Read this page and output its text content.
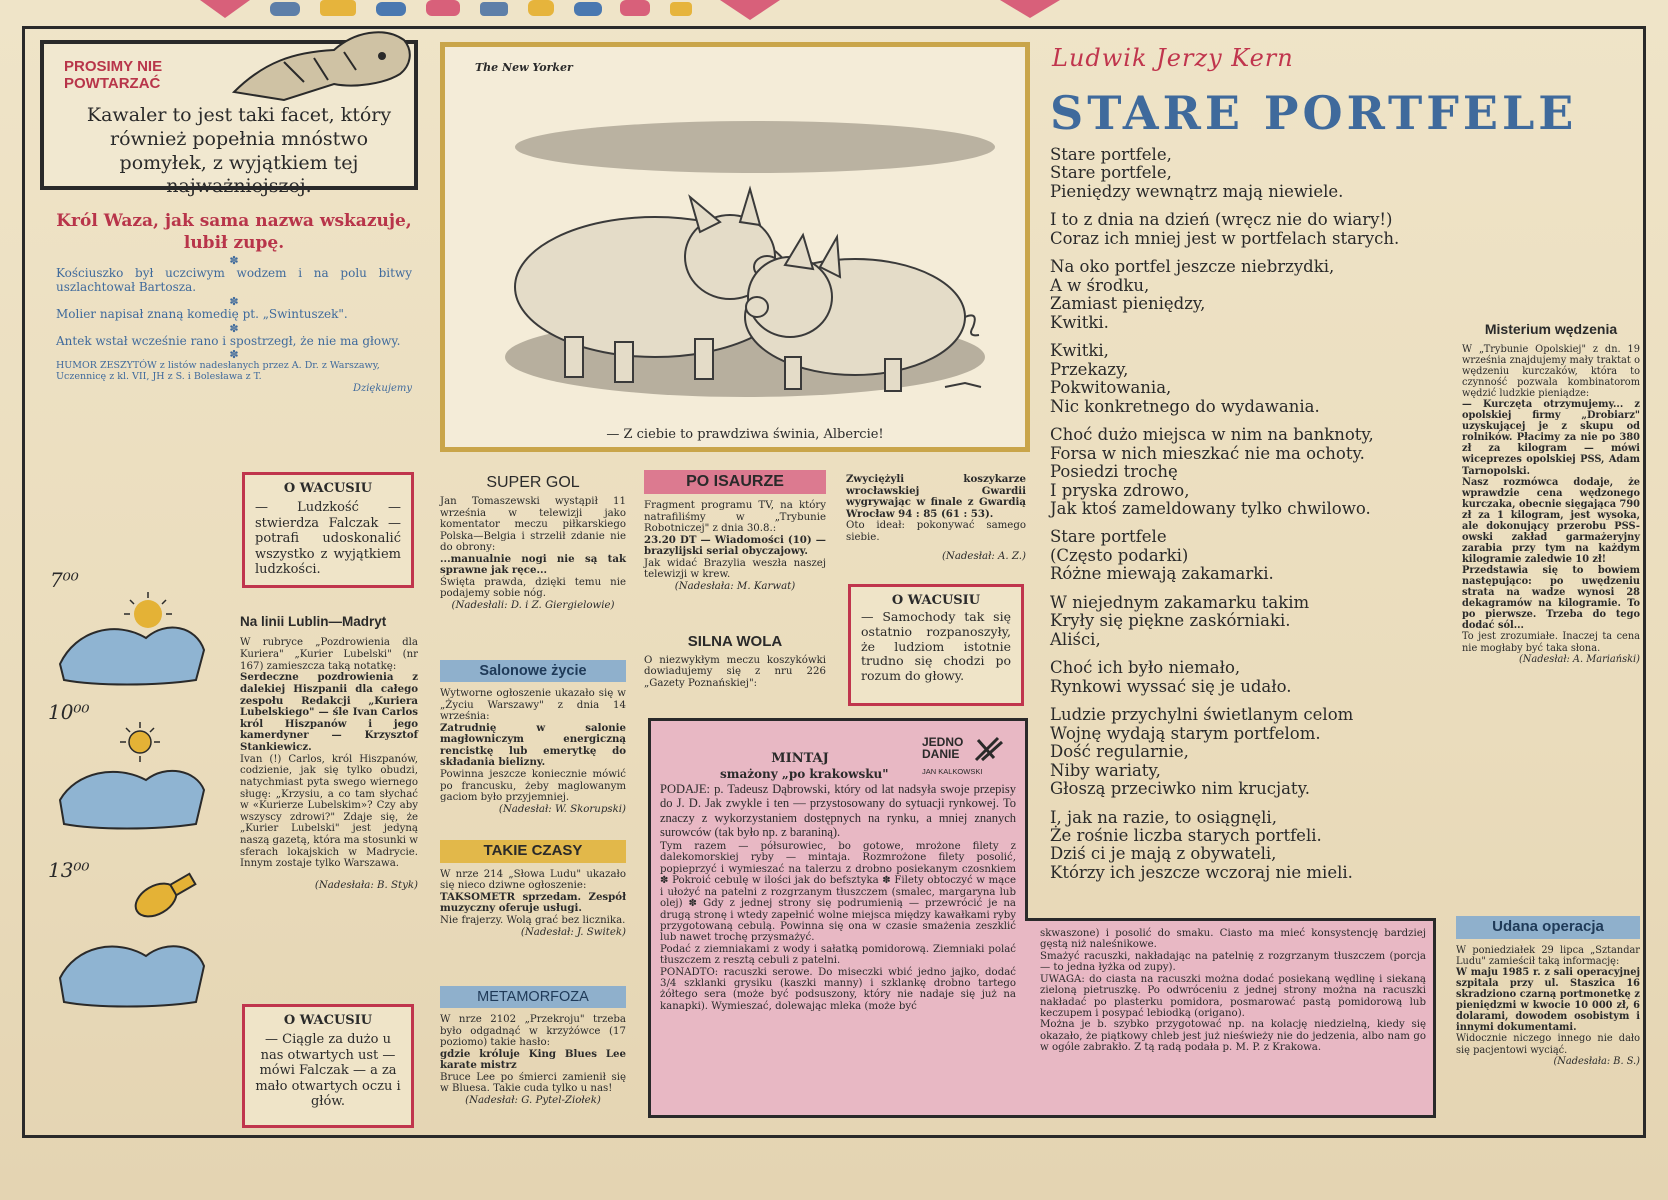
PROSIMY NIE POWTARZAĆ
Kawaler to jest taki facet, który również popełnia mnóstwo pomyłek, z wyjątkiem tej najważniejszej.
Król Waza, jak sama nazwa wskazuje, lubił zupę.
✽
Kościuszko był uczciwym wodzem i na polu bitwy uszlachtował Bartosza.
✽
Molier napisał znaną komedię pt. „Swintuszek".
✽
Antek wstał wcześnie rano i spostrzegł, że nie ma głowy.
✽
HUMOR ZESZYTÓW z listów nadesłanych przez A. Dr. z Warszawy, Uczennicę z kl. VII, JH z S. i Bolesława z T.
Dziękujemy
The New Yorker
— Z ciebie to prawdziwa świnia, Albercie!
Ludwik Jerzy Kern
STARE PORTFELE
Stare portfele,
Stare portfele,
Pieniędzy wewnątrz mają niewiele.
I to z dnia na dzień (wręcz nie do wiary!)
Coraz ich mniej jest w portfelach starych.
Na oko portfel jeszcze niebrzydki,
A w środku,
Zamiast pieniędzy,
Kwitki.
Kwitki,
Przekazy,
Pokwitowania,
Nic konkretnego do wydawania.
Choć dużo miejsca w nim na banknoty,
Forsa w nich mieszkać nie ma ochoty.
Posiedzi trochę
I pryska zdrowo,
Jak ktoś zameldowany tylko chwilowo.
Stare portfele
(Często podarki)
Różne miewają zakamarki.
W niejednym zakamarku takim
Kryły się piękne zaskórniaki.
Aliści,
Choć ich było niemało,
Rynkowi wyssać się je udało.
Ludzie przychylni świetlanym celom
Wojnę wydają starym portfelom.
Dość regularnie,
Niby wariaty,
Głoszą przeciwko nim krucjaty.
I, jak na razie, to osiągnęli,
Że rośnie liczba starych portfeli.
Dziś ci je mają z obywateli,
Którzy ich jeszcze wczoraj nie mieli.
Misterium wędzenia
W „Trybunie Opolskiej" z dn. 19 września znajdujemy mały traktat o wędzeniu kurczaków, która to czynność pozwala kombinatorom wędzić ludzkie pieniądze:
— Kurczęta otrzymujemy... z opolskiej firmy „Drobiarz" uzyskującej je z skupu od rolników. Płacimy za nie po 380 zł za kilogram — mówi wiceprezes opolskiej PSS, Adam Tarnopolski.
Nasz rozmówca dodaje, że wprawdzie cena wędzonego kurczaka, obecnie sięgająca 790 zł za 1 kilogram, jest wysoka, ale dokonujący przerobu PSS-owski zakład garmażeryjny zarabia przy tym na każdym kilogramie zaledwie 10 zł!
Przedstawia się to bowiem następująco: po uwędzeniu strata na wadze wynosi 28 dekagramów na kilogramie. To po pierwsze. Trzeba do tego dodać sól...
To jest zrozumiałe. Inaczej ta cena nie mogłaby być taka słona.
(Nadesłał: A. Mariański)
Udana operacja
W poniedziałek 29 lipca „Sztandar Ludu" zamieścił taką informację:
W maju 1985 r. z sali operacyjnej szpitala przy ul. Staszica 16 skradziono czarną portmonetkę z pieniędzmi w kwocie 10 000 zł, 6 dolarami, dowodem osobistym i innymi dokumentami.
Widocznie niczego innego nie dało się pacjentowi wyciąć.
(Nadesłała: B. S.)
O WACUSIU
— Ludzkość — stwierdza Falczak — potrafi udoskonalić wszystko z wyjątkiem ludzkości.
7⁰⁰
10⁰⁰
13⁰⁰
Na linii Lublin—Madryt
W rubryce „Pozdrowienia dla Kuriera" „Kurier Lubelski" (nr 167) zamieszcza taką notatkę:
Serdeczne pozdrowienia z dalekiej Hiszpanii dla całego zespołu Redakcji „Kuriera Lubelskiego" — śle Ivan Carlos król Hiszpanów i jego kamerdyner — Krzysztof Stankiewicz.
Ivan (!) Carlos, król Hiszpanów, codzienie, jak się tylko obudzi, natychmiast pyta swego wiernego sługę: „Krzysiu, a co tam słychać w «Kurierze Lubelskim»? Czy aby wszyscy zdrowi?" Zdaje się, że „Kurier Lubelski" jest jedyną naszą gazetą, która ma stosunki w sferach lokajskich w Madrycie. Innym zostaje tylko Warszawa.
(Nadesłała: B. Styk)
O WACUSIU
— Ciągle za dużo u nas otwartych ust — mówi Falczak — a za mało otwartych oczu i głów.
SUPER GOL
Jan Tomaszewski wystąpił 11 września w telewizji jako komentator meczu piłkarskiego Polska—Belgia i strzelił zdanie nie do obrony:
...manualnie nogi nie są tak sprawne jak ręce...
Święta prawda, dzięki temu nie podajemy sobie nóg.
(Nadesłali: D. i Z. Giergielowie)
Salonowe życie
Wytworne ogłoszenie ukazało się w „Życiu Warszawy" z dnia 14 września:
Zatrudnię w salonie magłowniczym energiczną rencistkę lub emerytkę do składania bielizny.
Powinna jeszcze koniecznie mówić po francusku, żeby maglowanym gaciom było przyjemniej.
(Nadesłał: W. Skorupski)
TAKIE CZASY
W nrze 214 „Słowa Ludu" ukazało się nieco dziwne ogłoszenie:
TAKSOMETR sprzedam. Zespół muzyczny oferuje usługi.
Nie frajerzy. Wolą grać bez licznika.
(Nadesłał: J. Switek)
METAMORFOZA
W nrze 2102 „Przekroju" trzeba było odgadnąć w krzyżówce (17 poziomo) takie hasło:
gdzie króluje King Blues Lee karate mistrz
Bruce Lee po śmierci zamienił się w Bluesa. Takie cuda tylko u nas!
(Nadesłał: G. Pytel-Ziołek)
PO ISAURZE
Fragment programu TV, na który natrafiliśmy w „Trybunie Robotniczej" z dnia 30.8.:
23.20 DT — Wiadomości (10) — brazylijski serial obyczajowy.
Jak widać Brazylia weszła naszej telewizji w krew.
(Nadesłała: M. Karwat)
SILNA WOLA
O niezwykłym meczu koszykówki dowiadujemy się z nru 226 „Gazety Poznańskiej":
Zwyciężyli koszykarze wrocławskiej Gwardii wygrywając w finale z Gwardią Wrocław 94 : 85 (61 : 53).
Oto ideał: pokonywać samego siebie.
(Nadesłał: A. Z.)
O WACUSIU
— Samochody tak się ostatnio rozpanoszyły, że ludziom istotnie trudno się chodzi po rozum do głowy.
MINTAJ
smażony „po krakowsku"
JEDNO DANIE
JAN KALKOWSKI
PODAJE: p. Tadeusz Dąbrowski, który od lat nadsyła swoje przepisy do J. D. Jak zwykle i ten — przystosowany do sytuacji rynkowej. To znaczy z wykorzystaniem dostępnych na rynku, a mniej znanych surowców (tak było np. z baraniną).
Tym razem — półsurowiec, bo gotowe, mrożone filety z dalekomorskiej ryby — mintaja. Rozmrożone filety posolić, popieprzyć i wymieszać na talerzu z drobno posiekanym czosnkiem ✽ Pokroić cebulę w ilości jak do befsztyka ✽ Filety obtoczyć w mące i ułożyć na patelni z rozgrzanym tłuszczem (smalec, margaryna lub olej) ✽ Gdy z jednej strony się podrumienią — przewrócić je na drugą stronę i wtedy zapełnić wolne miejsca między kawałkami ryby przygotowaną cebulą. Powinna się ona w czasie smażenia zeszklić lub nawet trochę przysmażyć.
Podać z ziemniakami z wody i sałatką pomidorową. Ziemniaki polać tłuszczem z resztą cebuli z patelni.
PONADTO: racuszki serowe. Do miseczki wbić jedno jajko, dodać 3/4 szklanki grysiku (kaszki manny) i szklankę drobno tartego żółtego sera (może być podsuszony, który nie nadaje się już na kanapki). Wymieszać, dolewając mleka (może być
skwaszone) i posolić do smaku. Ciasto ma mieć konsystencję bardziej gęstą niż naleśnikowe.
Smażyć racuszki, nakładając na patelnię z rozgrzanym tłuszczem (porcja — to jedna łyżka od zupy).
UWAGA: do ciasta na racuszki można dodać posiekaną wędlinę i siekaną zieloną pietruszkę. Po odwróceniu z jednej strony można na racuszki nakładać po plasterku pomidora, posmarować pastą pomidorową lub keczupem i posypać lebiodką (origano).
Można je b. szybko przygotować np. na kolację niedzielną, kiedy się okazało, że piątkowy chleb jest już nieświeży nie do jedzenia, albo nam go w ogóle zabrakło. Z tą radą podała p. M. P. z Krakowa.
